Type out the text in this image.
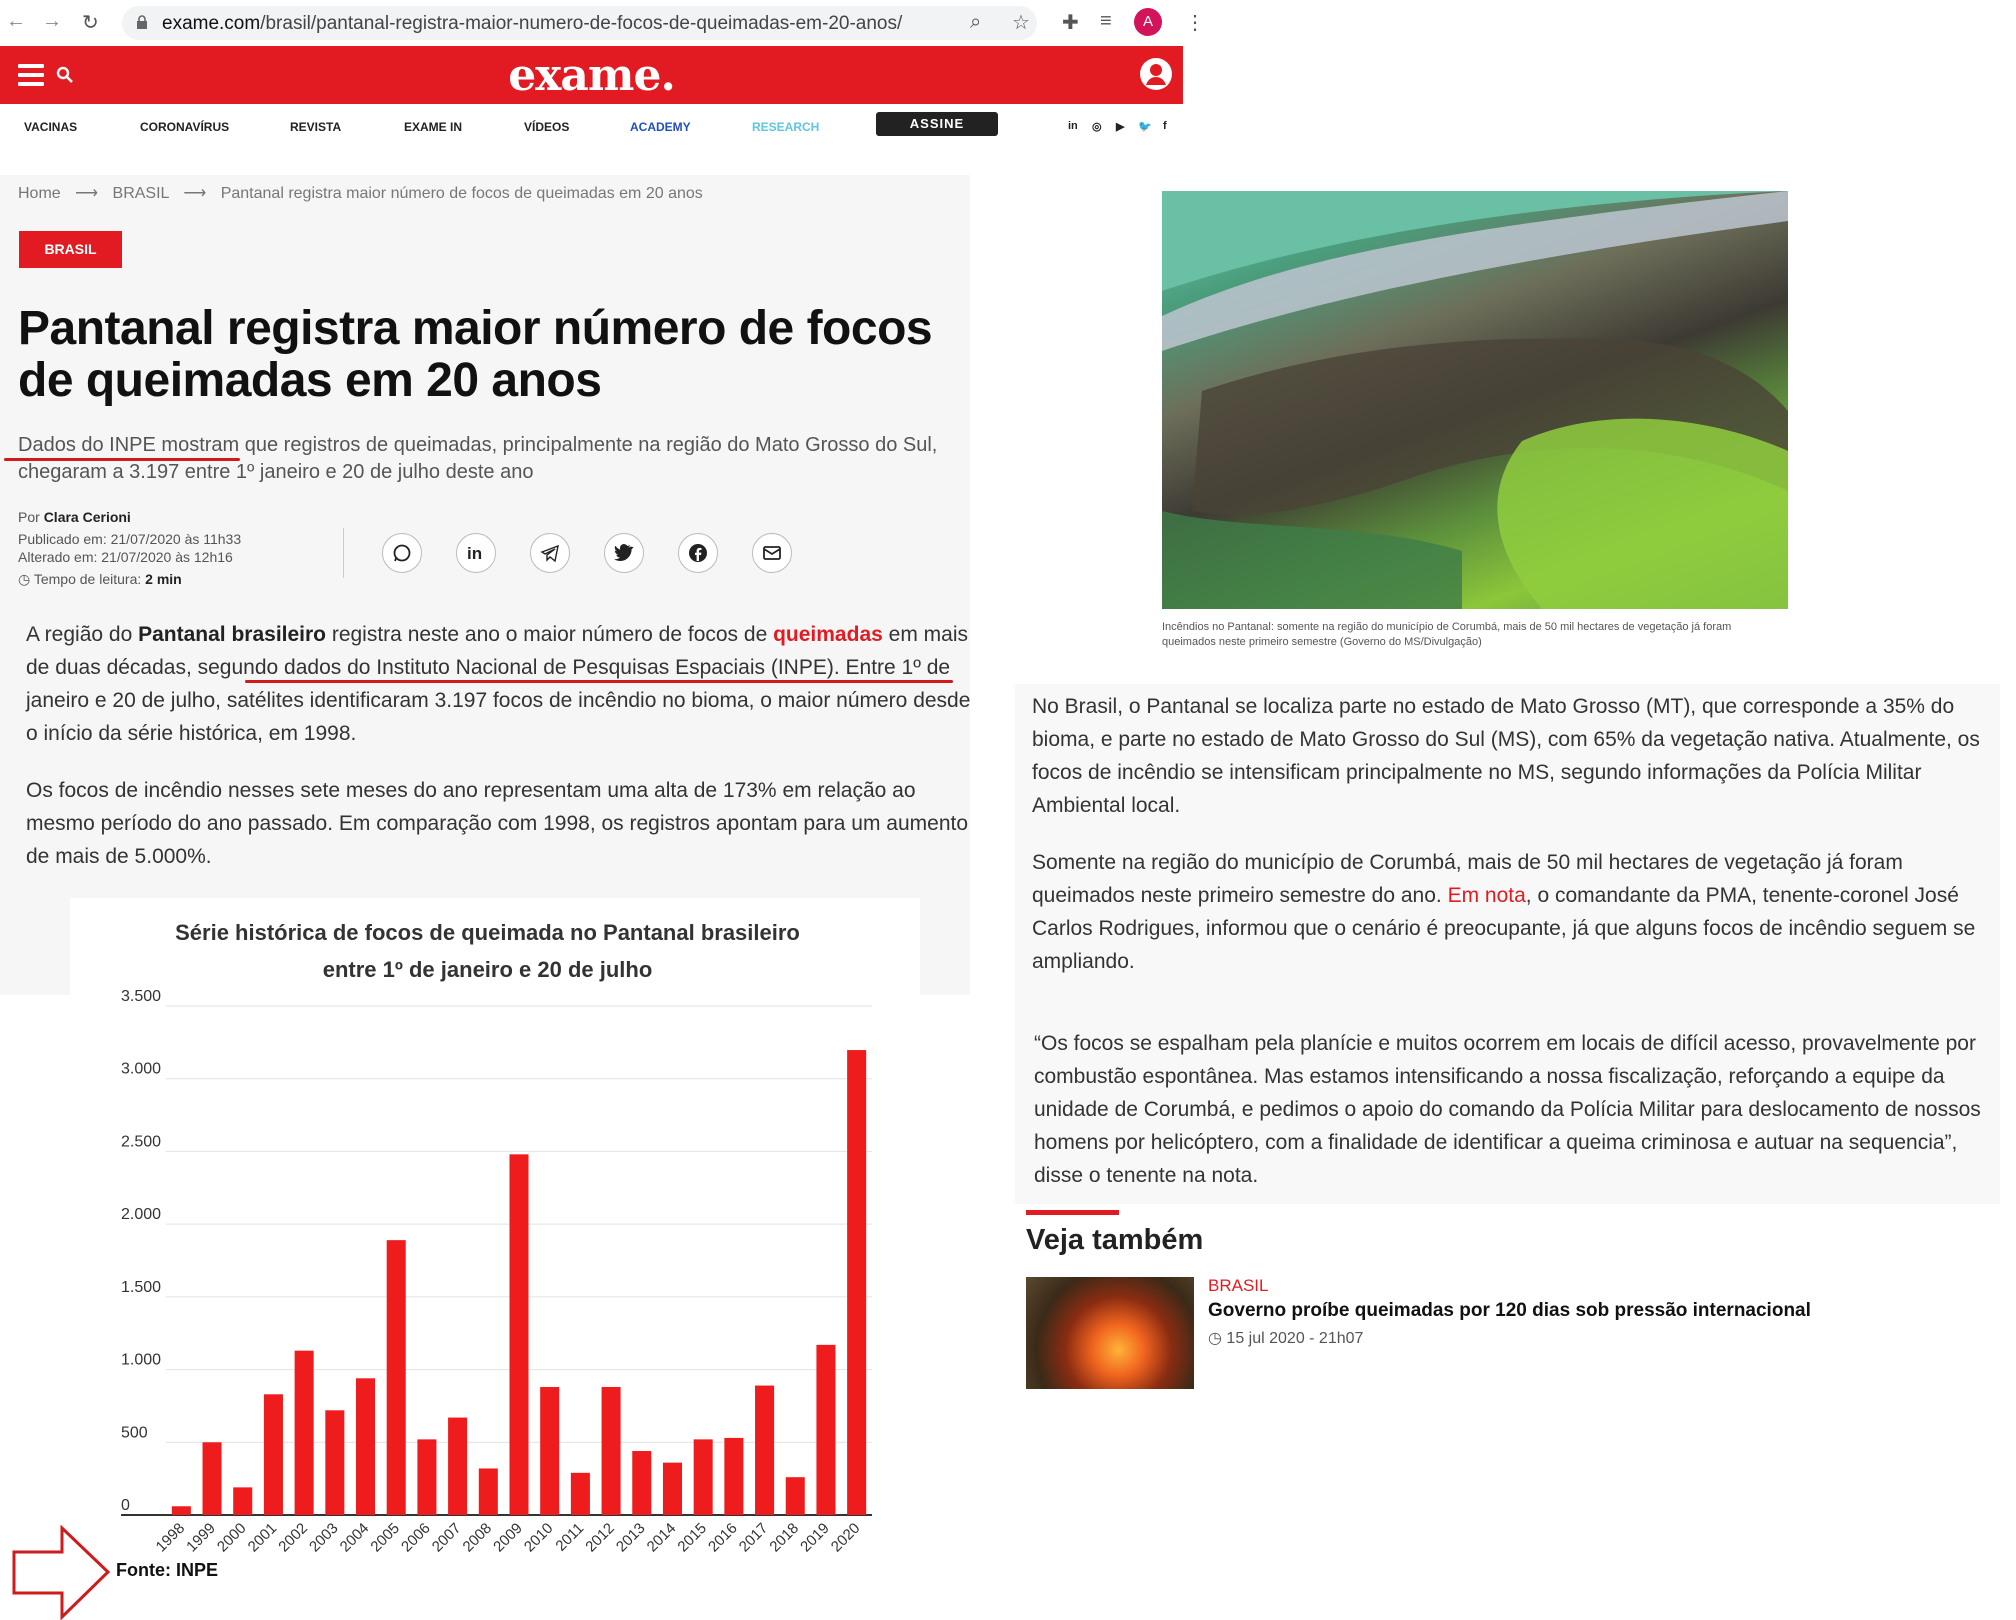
← → ↻	exame.com/brasil/pantanal-registra-maior-numero-de-focos-de-queimadas-em-20-anos/	⌕ ☆ ✚ ≡	A	⋮
exame.
VACINAS	CORONAVÍRUS	REVISTA	EXAME IN	VÍDEOS	ACADEMY	RESEARCH	ASSINE	in ◎ ▶ 🐦 f
Home ⟶ BRASIL ⟶ Pantanal registra maior número de focos de queimadas em 20 anos
BRASIL
Pantanal registra maior número de focos de queimadas em 20 anos
Dados do INPE mostram que registros de queimadas, principalmente na região do Mato Grosso do Sul, chegaram a 3.197 entre 1º janeiro e 20 de julho deste ano
Por Clara Cerioni
Publicado em: 21/07/2020 às 11h33
Alterado em: 21/07/2020 às 12h16
◷ Tempo de leitura: 2 min
in
A região do Pantanal brasileiro registra neste ano o maior número de focos de queimadas em mais de duas décadas, segundo dados do Instituto Nacional de Pesquisas Espaciais (INPE). Entre 1º de janeiro e 20 de julho, satélites identificaram 3.197 focos de incêndio no bioma, o maior número desde o início da série histórica, em 1998.
Os focos de incêndio nesses sete meses do ano representam uma alta de 173% em relação ao mesmo período do ano passado. Em comparação com 1998, os registros apontam para um aumento de mais de 5.000%.
Série histórica de focos de queimada no Pantanal brasileiro
entre 1º de janeiro e 20 de julho
0
500
1.000
1.500
2.000
2.500
3.000
3.500
1998
1999
2000
2001
2002
2003
2004
2005
2006
2007
2008
2009
2010
2011
2012
2013
2014
2015
2016
2017
2018
2019
2020
Fonte: INPE
Incêndios no Pantanal: somente na região do município de Corumbá, mais de 50 mil hectares de vegetação já foram queimados neste primeiro semestre (Governo do MS/Divulgação)
No Brasil, o Pantanal se localiza parte no estado de Mato Grosso (MT), que corresponde a 35% do bioma, e parte no estado de Mato Grosso do Sul (MS), com 65% da vegetação nativa. Atualmente, os focos de incêndio se intensificam principalmente no MS, segundo informações da Polícia Militar Ambiental local.
Somente na região do município de Corumbá, mais de 50 mil hectares de vegetação já foram queimados neste primeiro semestre do ano. Em nota, o comandante da PMA, tenente-coronel José Carlos Rodrigues, informou que o cenário é preocupante, já que alguns focos de incêndio seguem se ampliando.
“Os focos se espalham pela planície e muitos ocorrem em locais de difícil acesso, provavelmente por combustão espontânea. Mas estamos intensificando a nossa fiscalização, reforçando a equipe da unidade de Corumbá, e pedimos o apoio do comando da Polícia Militar para deslocamento de nossos homens por helicóptero, com a finalidade de identificar a queima criminosa e autuar na sequencia”, disse o tenente na nota.
Veja também
BRASIL
Governo proíbe queimadas por 120 dias sob pressão internacional
◷ 15 jul 2020 - 21h07
